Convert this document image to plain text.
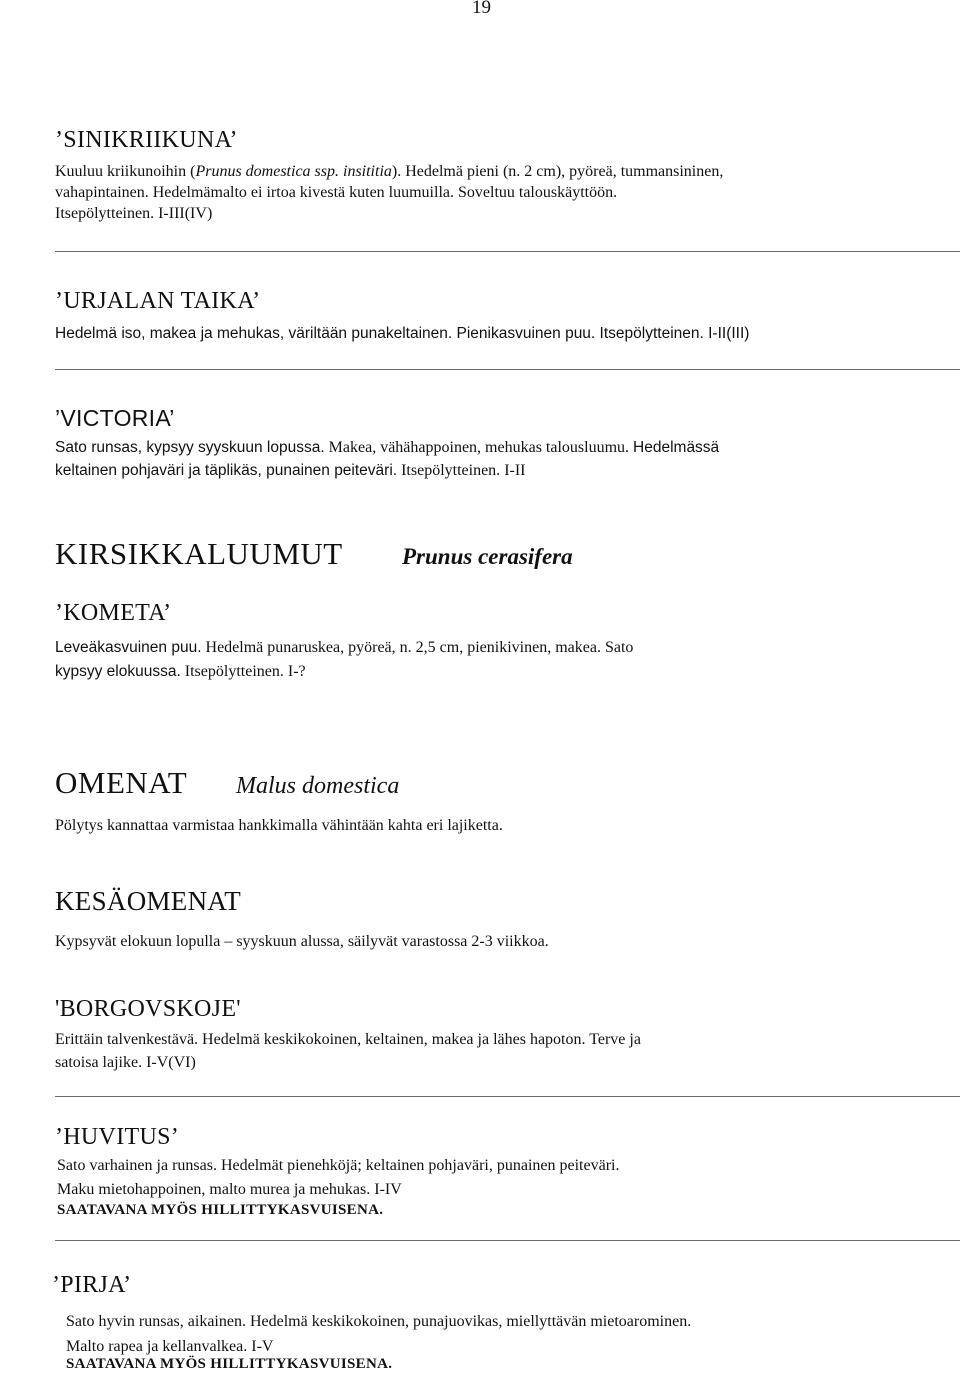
19
’SINIKRIIKUNA’
Kuuluu kriikunoihin (Prunus domestica ssp. insititia). Hedelmä pieni (n. 2 cm), pyöreä, tummansininen,
vahapintainen. Hedelmämalto ei irtoa kivestä kuten luumuilla. Soveltuu talouskäyttöön.
Itsepölytteinen. I-III(IV)
’URJALAN TAIKA’
Hedelmä iso, makea ja mehukas, väriltään punakeltainen. Pienikasvuinen puu. Itsepölytteinen. I-II(III)
’VICTORIA’
Sato runsas, kypsyy syyskuun lopussa. Makea, vähähappoinen, mehukas talousluumu. Hedelmässä
keltainen pohjaväri ja täplikäs, punainen peiteväri. Itsepölytteinen. I-II
KIRSIKKALUUMUT	Prunus cerasifera
’KOMETA’
Leveäkasvuinen puu. Hedelmä punaruskea, pyöreä, n. 2,5 cm, pienikivinen, makea. Sato
kypsyy elokuussa. Itsepölytteinen. I-?
OMENAT Malus domestica
Pölytys kannattaa varmistaa hankkimalla vähintään kahta eri lajiketta.
KESÄOMENAT
Kypsyvät elokuun lopulla – syyskuun alussa, säilyvät varastossa 2-3 viikkoa.
'BORGOVSKOJE'
Erittäin talvenkestävä. Hedelmä keskikokoinen, keltainen, makea ja lähes hapoton. Terve ja
satoisa lajike. I-V(VI)
’HUVITUS’
Sato varhainen ja runsas. Hedelmät pienehköjä; keltainen pohjaväri, punainen peiteväri.
Maku mietohappoinen, malto murea ja mehukas. I-IV
SAATAVANA MYÖS HILLITTYKASVUISENA.
’PIRJA’
Sato hyvin runsas, aikainen. Hedelmä keskikokoinen, punajuovikas, miellyttävän mietoarominen.
Malto rapea ja kellanvalkea. I-V
SAATAVANA MYÖS HILLITTYKASVUISENA.
